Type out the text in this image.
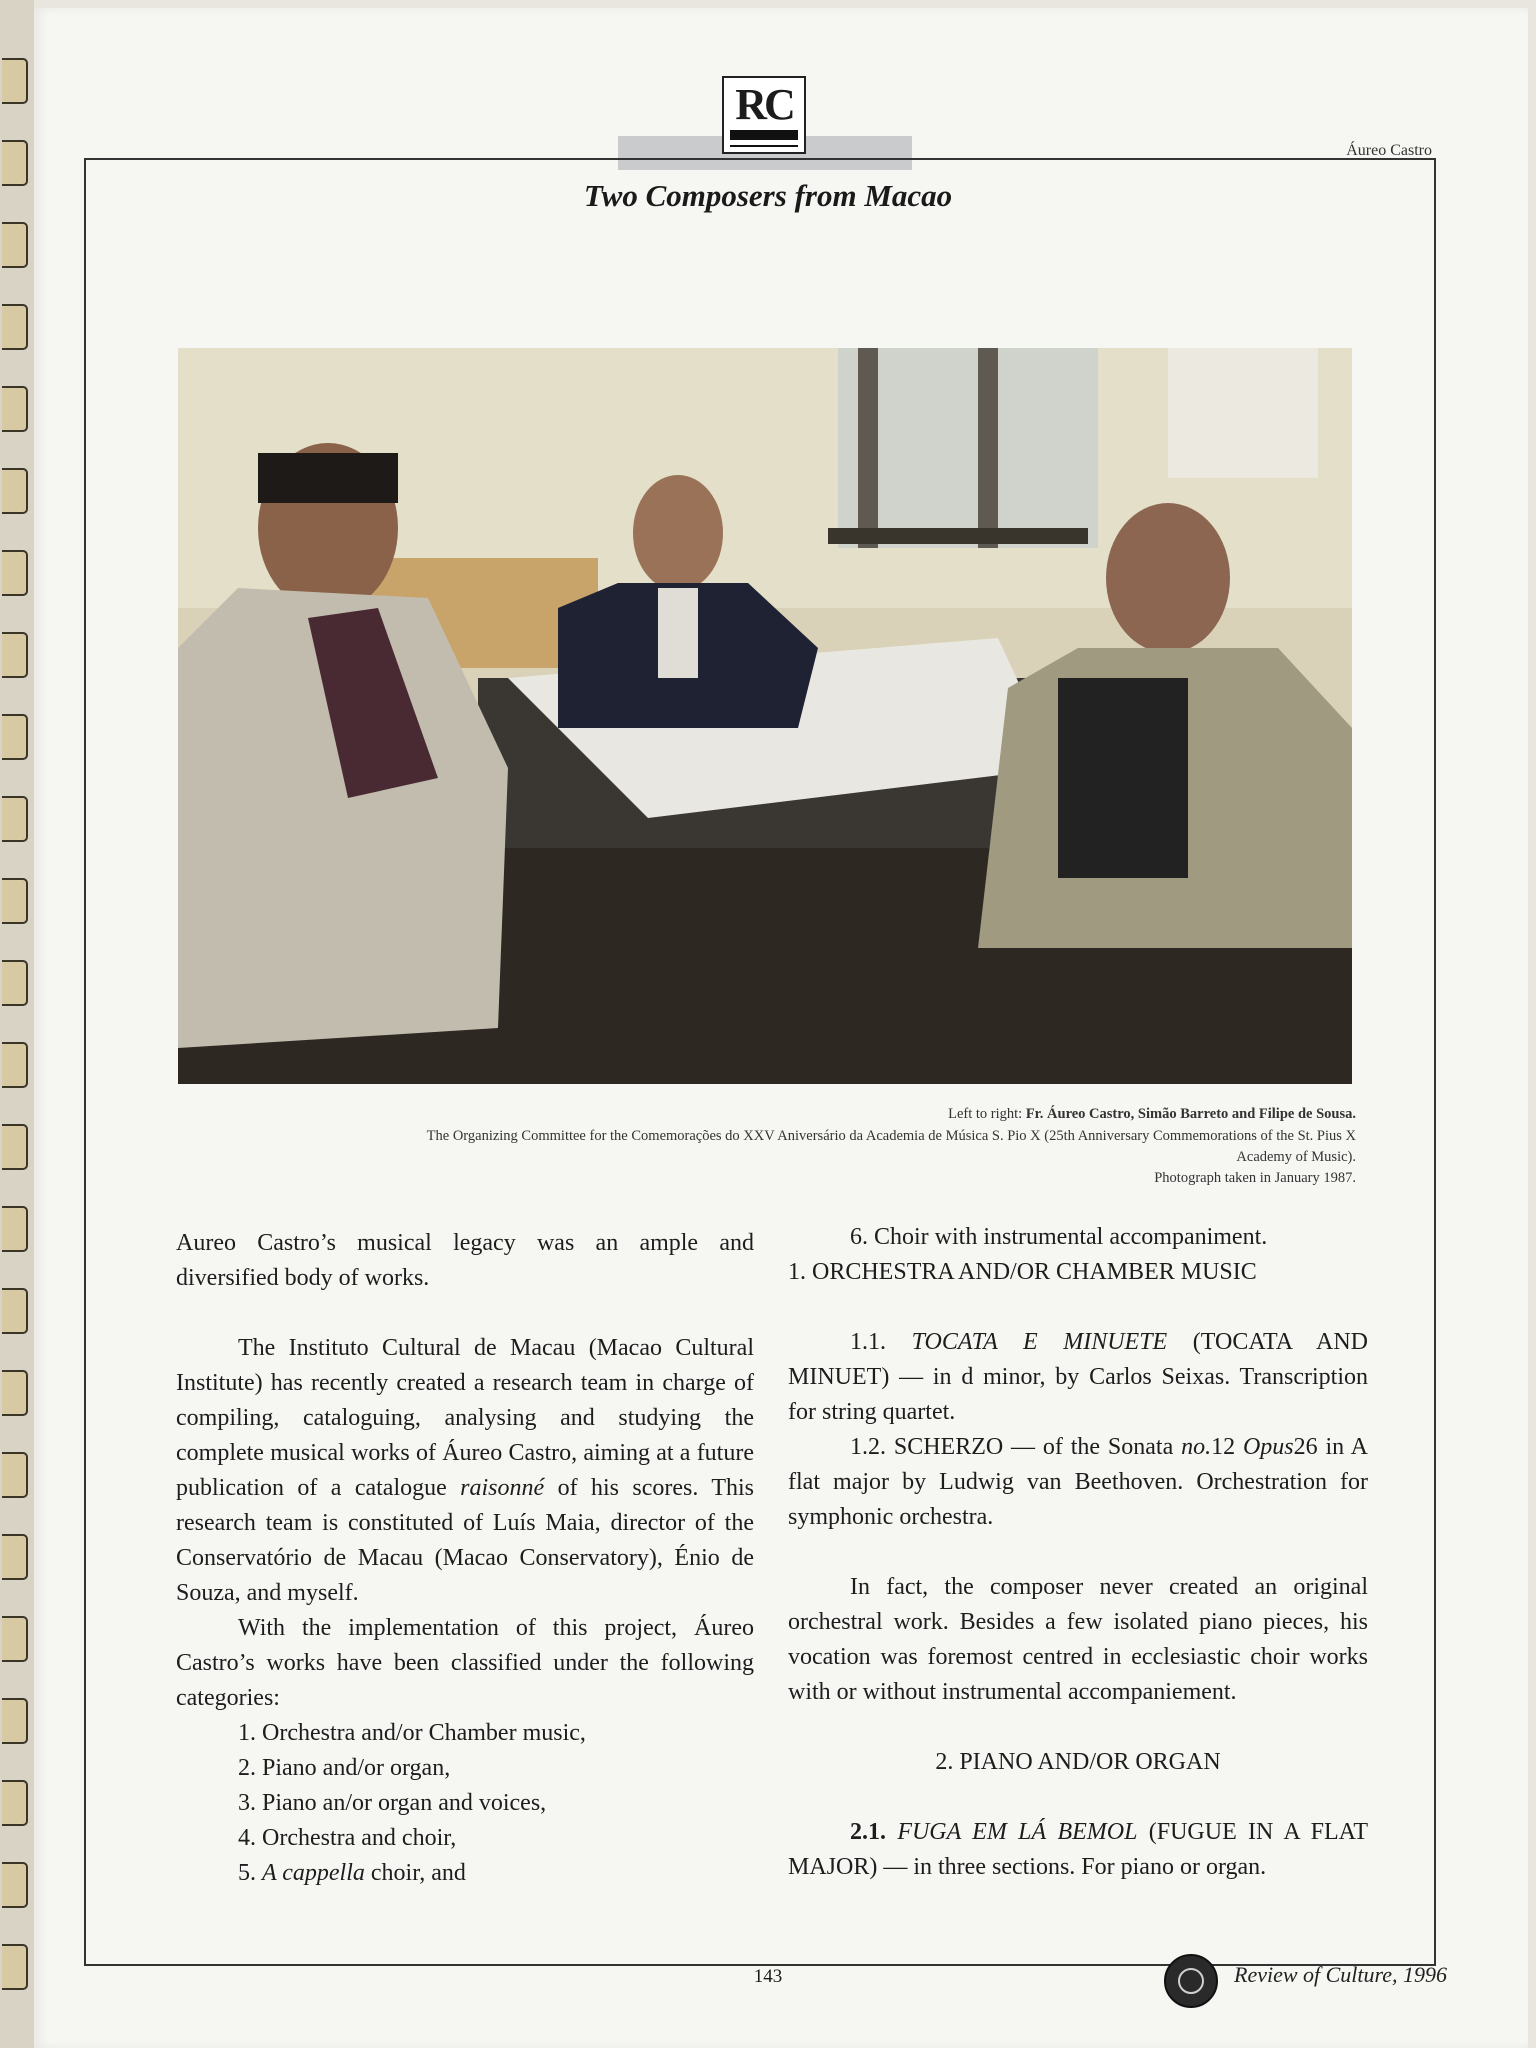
RC
Áureo Castro
Two Composers from Macao
Left to right: Fr. Áureo Castro, Simão Barreto and Filipe de Sousa.
The Organizing Committee for the Comemorações do XXV Aniversário da Academia de Música S. Pio X (25th Anniversary Commemorations of the St. Pius X
Academy of Music).
Photograph taken in January 1987.

Aureo Castro’s musical legacy was an ample and diversified body of works.

The Instituto Cultural de Macau (Macao Cultural Institute) has recently created a research team in charge of compiling, cataloguing, analysing and studying the complete musical works of Áureo Castro, aiming at a future publication of a catalogue raisonné of his scores. This research team is constituted of Luís Maia, director of the Conservatório de Macau (Macao Conservatory), Énio de Souza, and myself.

With the implementation of this project, Áureo Castro’s works have been classified under the following categories:

1. Orchestra and/or Chamber music,

2. Piano and/or organ,

3. Piano an/or organ and voices,

4. Orchestra and choir,

5. A cappella choir, and

6. Choir with instrumental accompaniment.

1. ORCHESTRA AND/OR CHAMBER MUSIC

1.1. TOCATA E MINUETE (TOCATA AND MINUET) — in d minor, by Carlos Seixas. Transcription for string quartet.

1.2. SCHERZO — of the Sonata no.12 Opus26 in A flat major by Ludwig van Beethoven. Orchestration for symphonic orchestra.

In fact, the composer never created an original orchestral work. Besides a few isolated piano pieces, his vocation was foremost centred in ecclesiastic choir works with or without instrumental accompaniement.

2. PIANO AND/OR ORGAN

2.1. FUGA EM LÁ BEMOL (FUGUE IN A FLAT MAJOR) — in three sections. For piano or organ.

143	Review of Culture, 1996
